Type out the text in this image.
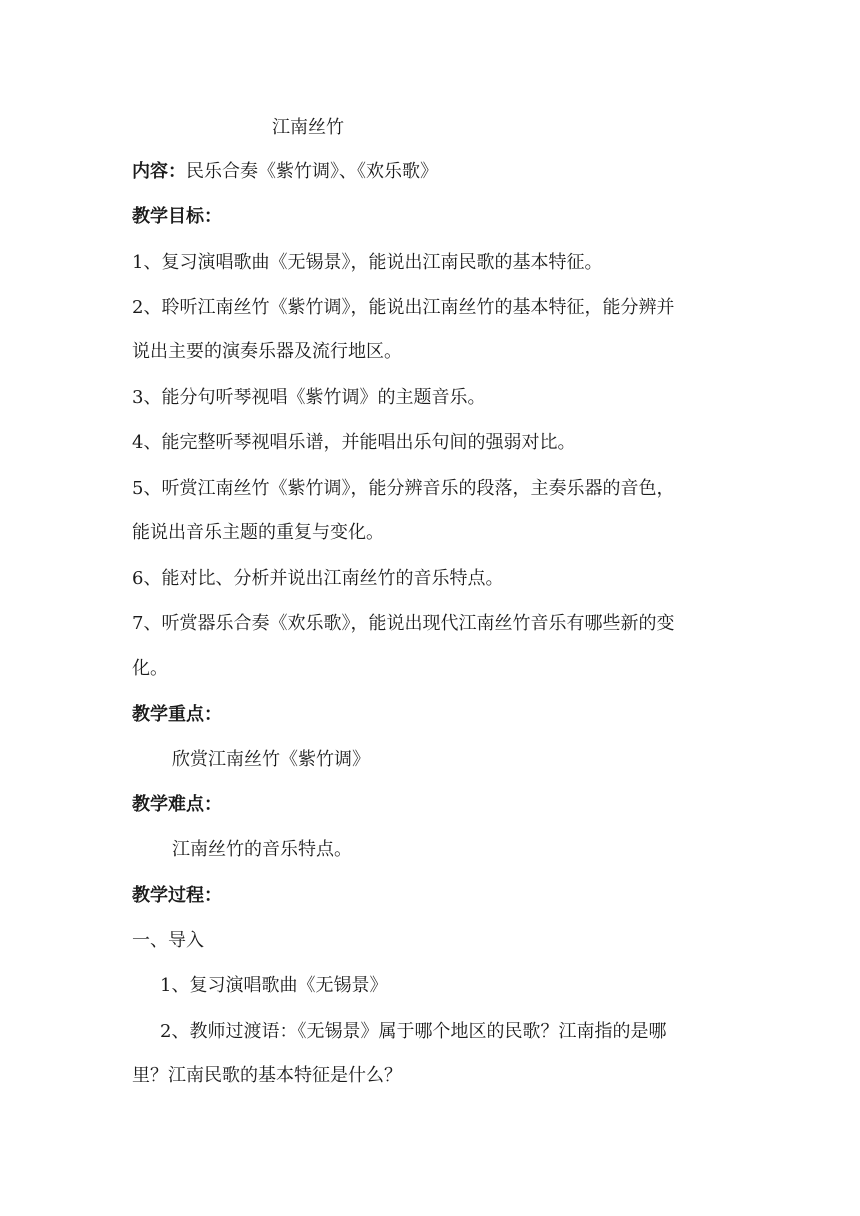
江南丝竹
内容：民乐合奏《紫竹调》、《欢乐歌》
教学目标：
1、复习演唱歌曲《无锡景》，能说出江南民歌的基本特征。
2、聆听江南丝竹《紫竹调》，能说出江南丝竹的基本特征，能分辨并
说出主要的演奏乐器及流行地区。
3、能分句听琴视唱《紫竹调》的主题音乐。
4、能完整听琴视唱乐谱，并能唱出乐句间的强弱对比。
5、听赏江南丝竹《紫竹调》，能分辨音乐的段落，主奏乐器的音色，
能说出音乐主题的重复与变化。
6、能对比、分析并说出江南丝竹的音乐特点。
7、听赏器乐合奏《欢乐歌》，能说出现代江南丝竹音乐有哪些新的变
化。
教学重点：
欣赏江南丝竹《紫竹调》
教学难点：
江南丝竹的音乐特点。
教学过程：
一、导入
1、复习演唱歌曲《无锡景》
2、教师过渡语：《无锡景》属于哪个地区的民歌？江南指的是哪
里？江南民歌的基本特征是什么？
